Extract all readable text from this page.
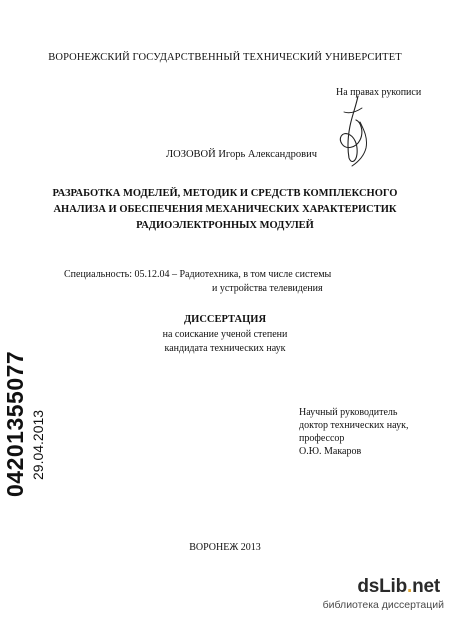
ВОРОНЕЖСКИЙ ГОСУДАРСТВЕННЫЙ ТЕХНИЧЕСКИЙ УНИВЕРСИТЕТ
На правах рукописи
ЛОЗОВОЙ Игорь Александрович
РАЗРАБОТКА МОДЕЛЕЙ, МЕТОДИК И СРЕДСТВ КОМПЛЕКСНОГО
АНАЛИЗА И ОБЕСПЕЧЕНИЯ МЕХАНИЧЕСКИХ ХАРАКТЕРИСТИК
РАДИОЭЛЕКТРОННЫХ МОДУЛЕЙ
Специальность: 05.12.04 – Радиотехника, в том числе системы
и устройства телевидения
ДИССЕРТАЦИЯ
на соискание ученой степени
кандидата технических наук
Научный руководитель
доктор технических наук,
профессор
О.Ю. Макаров
04201355077 29.04.2013
ВОРОНЕЖ 2013
dsLib.net
библиотека диссертаций
